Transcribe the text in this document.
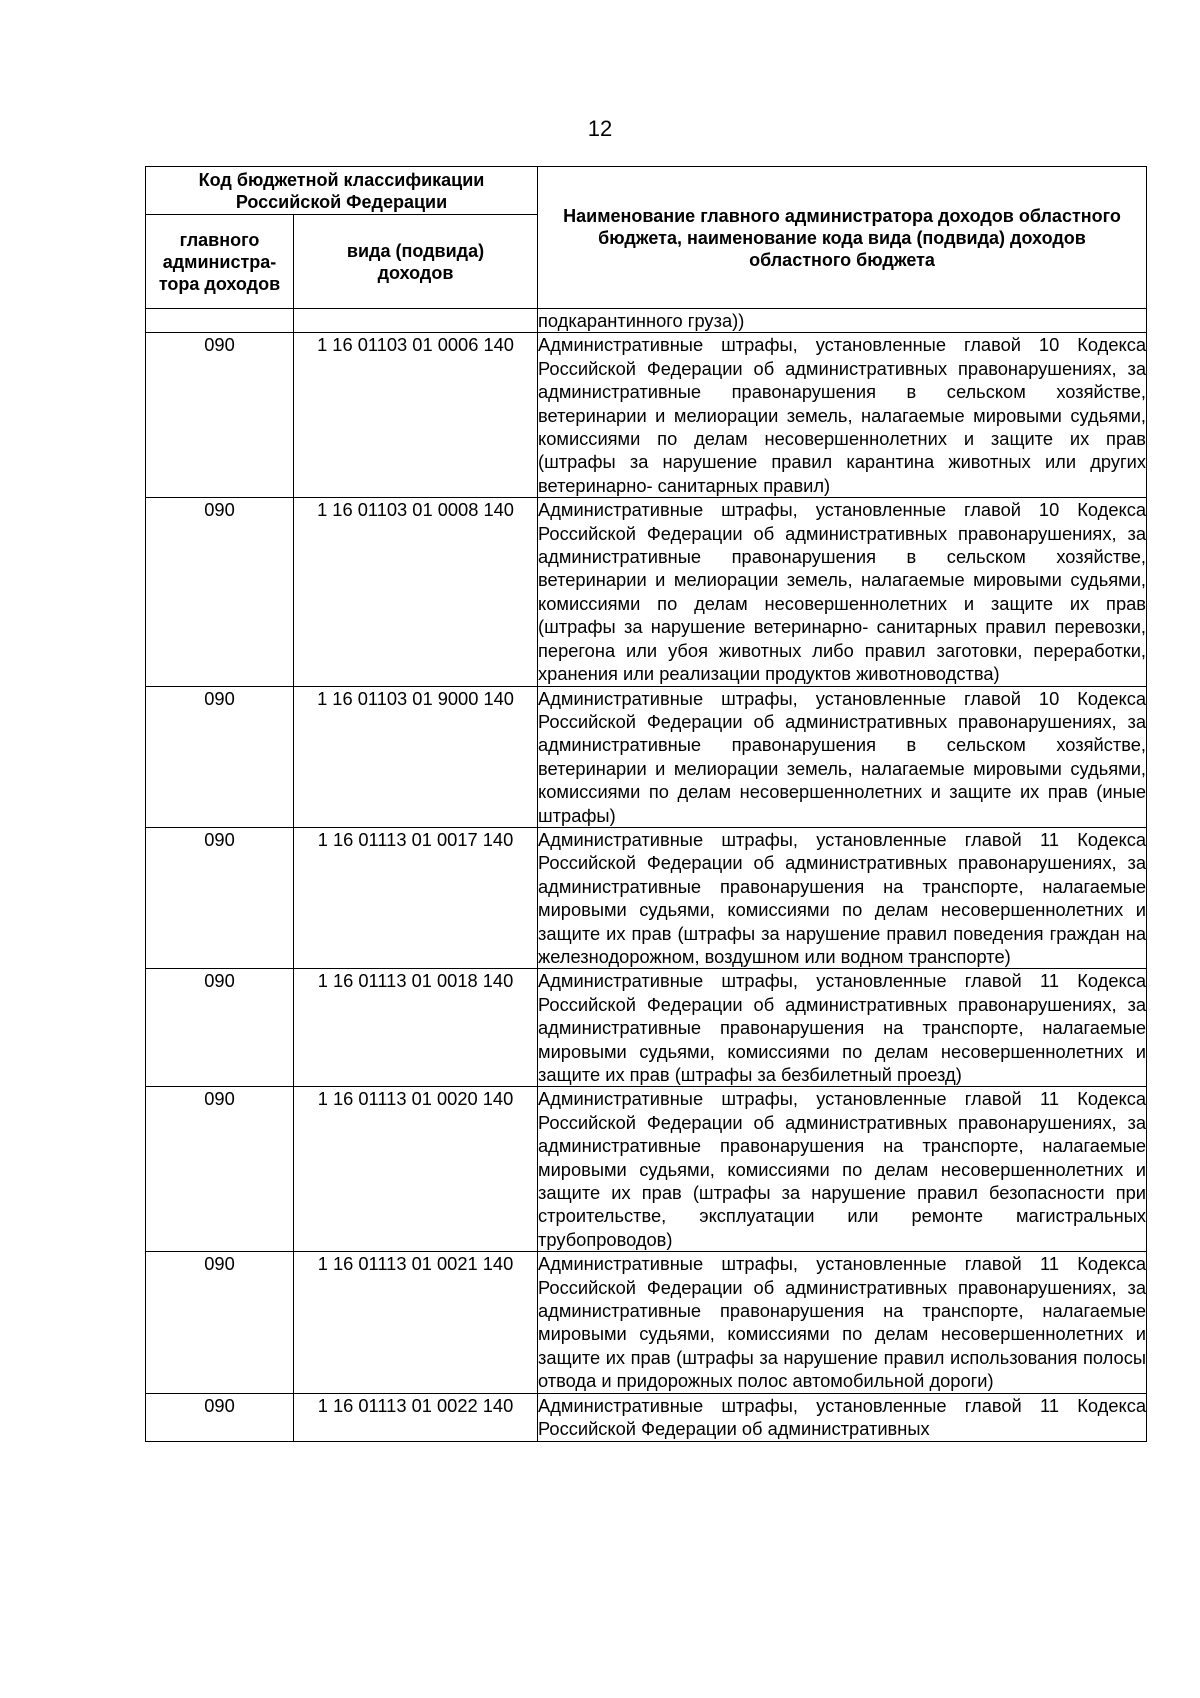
12
Код бюджетной классификации Российской Федерации		Наименование главного администратора доходов областного бюджета, наименование кода вида (подвида) доходов областного бюджета
главного администра-тора доходов	вида (подвида) доходов	
		подкарантинного груза))
090	1 16 01103 01 0006 140	Административные штрафы, установленные главой 10 Кодекса Российской Федерации об административных правонарушениях, за административные правонарушения в сельском хозяйстве, ветеринарии и мелиорации земель, налагаемые мировыми судьями, комиссиями по делам несовершеннолетних и защите их прав (штрафы за нарушение правил карантина животных или других ветеринарно- санитарных правил)
090	1 16 01103 01 0008 140	Административные штрафы, установленные главой 10 Кодекса Российской Федерации об административных правонарушениях, за административные правонарушения в сельском хозяйстве, ветеринарии и мелиорации земель, налагаемые мировыми судьями, комиссиями по делам несовершеннолетних и защите их прав (штрафы за нарушение ветеринарно- санитарных правил перевозки, перегона или убоя животных либо правил заготовки, переработки, хранения или реализации продуктов животноводства)
090	1 16 01103 01 9000 140	Административные штрафы, установленные главой 10 Кодекса Российской Федерации об административных правонарушениях, за административные правонарушения в сельском хозяйстве, ветеринарии и мелиорации земель, налагаемые мировыми судьями, комиссиями по делам несовершеннолетних и защите их прав (иные штрафы)
090	1 16 01113 01 0017 140	Административные штрафы, установленные главой 11 Кодекса Российской Федерации об административных правонарушениях, за административные правонарушения на транспорте, налагаемые мировыми судьями, комиссиями по делам несовершеннолетних и защите их прав (штрафы за нарушение правил поведения граждан на железнодорожном, воздушном или водном транспорте)
090	1 16 01113 01 0018 140	Административные штрафы, установленные главой 11 Кодекса Российской Федерации об административных правонарушениях, за административные правонарушения на транспорте, налагаемые мировыми судьями, комиссиями по делам несовершеннолетних и защите их прав (штрафы за безбилетный проезд)
090	1 16 01113 01 0020 140	Административные штрафы, установленные главой 11 Кодекса Российской Федерации об административных правонарушениях, за административные правонарушения на транспорте, налагаемые мировыми судьями, комиссиями по делам несовершеннолетних и защите их прав (штрафы за нарушение правил безопасности при строительстве, эксплуатации или ремонте магистральных трубопроводов)
090	1 16 01113 01 0021 140	Административные штрафы, установленные главой 11 Кодекса Российской Федерации об административных правонарушениях, за административные правонарушения на транспорте, налагаемые мировыми судьями, комиссиями по делам несовершеннолетних и защите их прав (штрафы за нарушение правил использования полосы отвода и придорожных полос автомобильной дороги)
090	1 16 01113 01 0022 140	Административные штрафы, установленные главой 11 Кодекса Российской Федерации об административных
